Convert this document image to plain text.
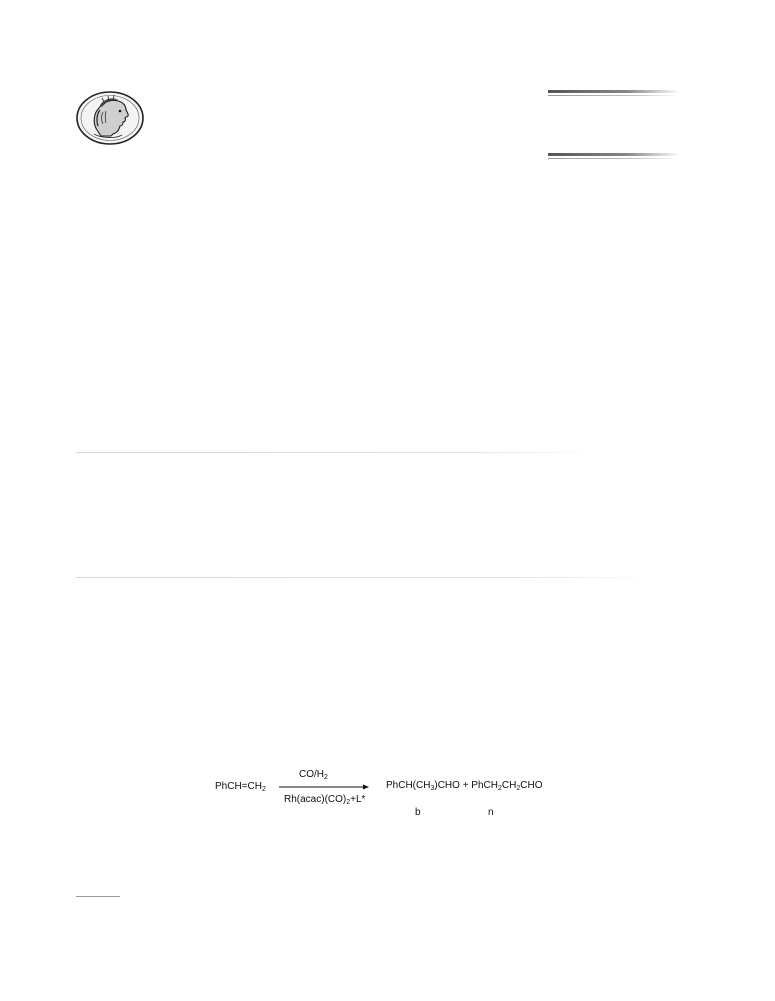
$PhCH=CH_2$
$CO/H_2$
$Rh(acac)(CO)_2+L*$
$PhCH(CH_3)CHO$ + $PhCH_2CH_2CHO$
b	n
